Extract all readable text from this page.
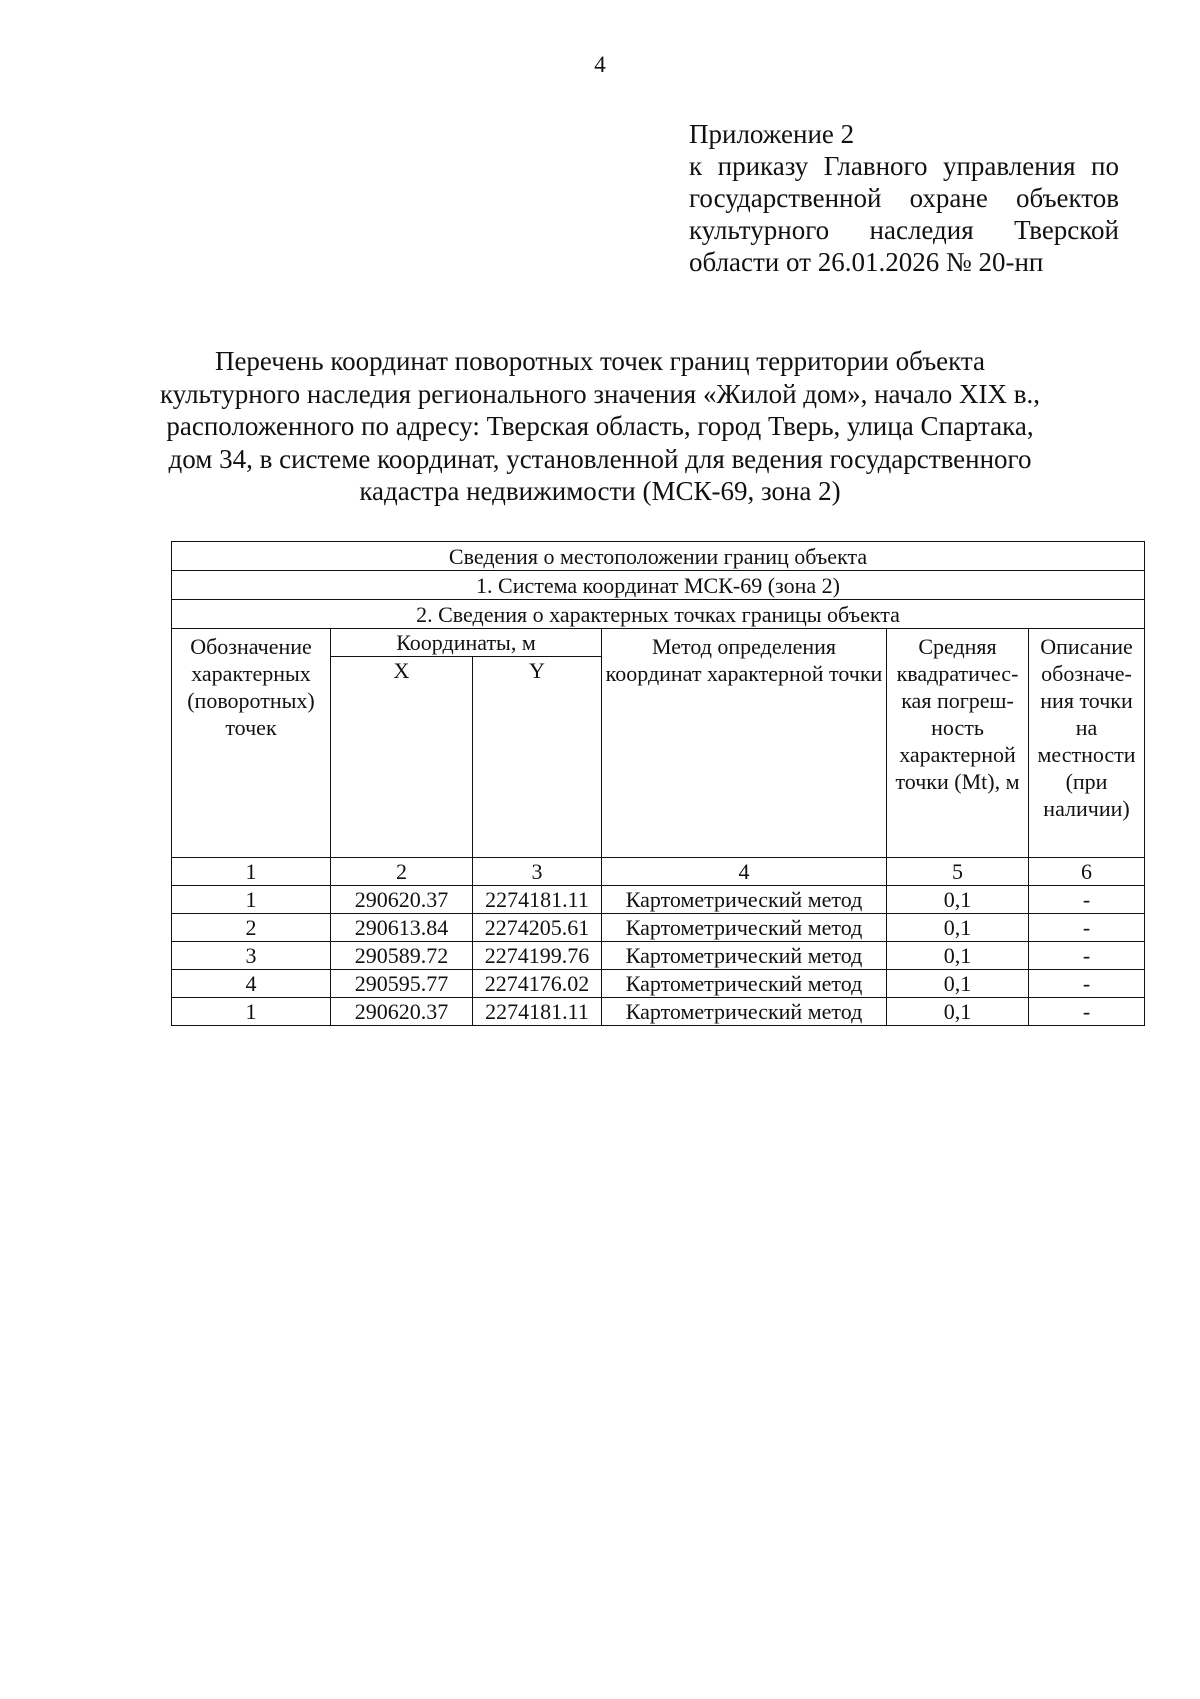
4
Приложение 2
к приказу Главного управления по государственной охране объектов культурного наследия Тверской области от 26.01.2026 № 20-нп
Перечень координат поворотных точек границ территории объекта
культурного наследия регионального значения «Жилой дом», начало XIX в.,
расположенного по адресу: Тверская область, город Тверь, улица Спартака,
дом 34, в системе координат, установленной для ведения государственного
кадастра недвижимости (МСК-69, зона 2)
Сведения о местоположении границ объекта					
1. Система координат МСК-69 (зона 2)					
2. Сведения о характерных точках границы объекта					
Обозначение характерных (поворотных) точек	Координаты, м		Метод определения координат характерной точки	Средняя квадратичес-кая погреш-ность характерной точки (Mt), м	Описание обозначе-ния точки на местности (при наличии)
	X	Y			
1	2	3	4	5	6
1	290620.37	2274181.11	Картометрический метод	0,1	-
2	290613.84	2274205.61	Картометрический метод	0,1	-
3	290589.72	2274199.76	Картометрический метод	0,1	-
4	290595.77	2274176.02	Картометрический метод	0,1	-
1	290620.37	2274181.11	Картометрический метод	0,1	-
